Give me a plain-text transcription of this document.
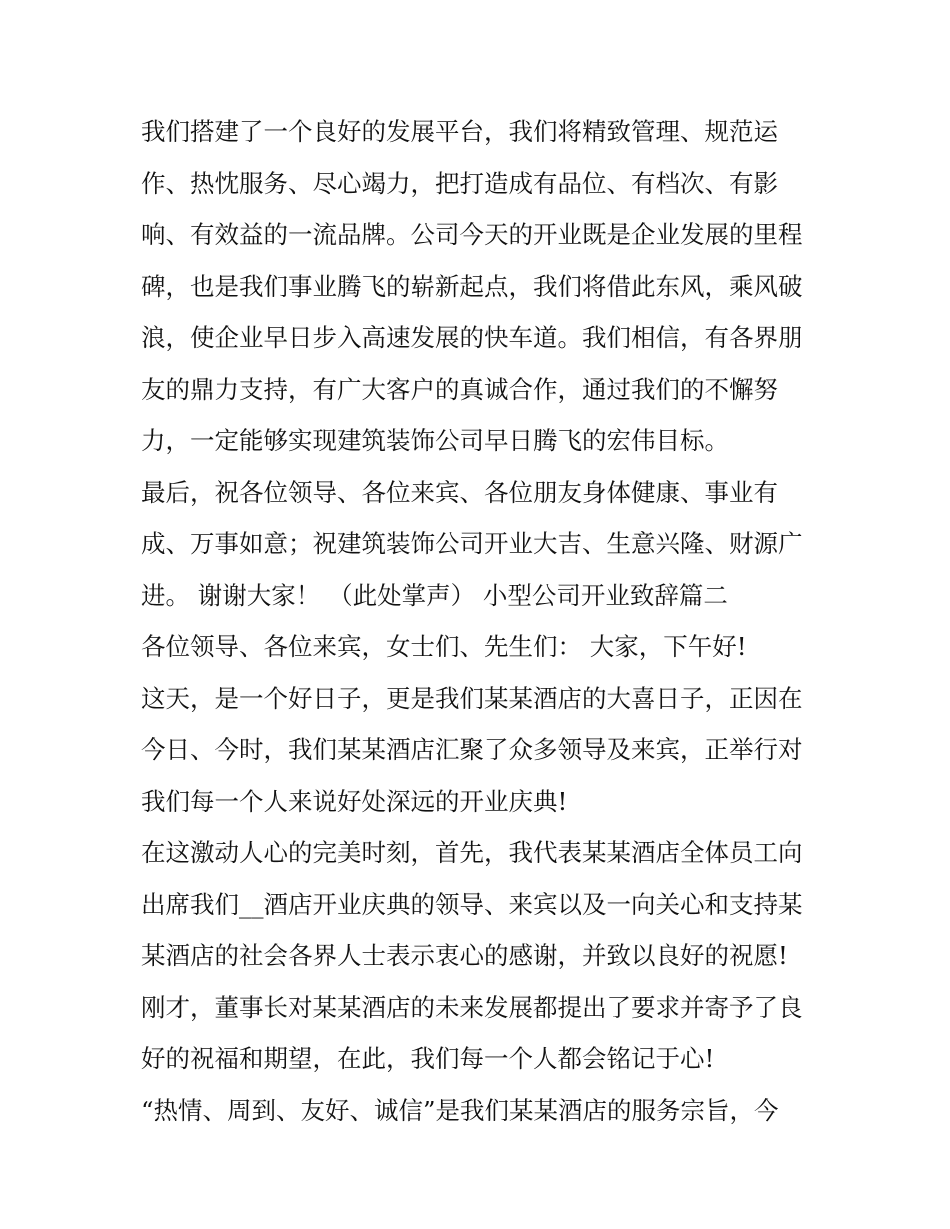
我们搭建了一个良好的发展平台，我们将精致管理、规范运
作、热忱服务、尽心竭力，把打造成有品位、有档次、有影
响、有效益的一流品牌。公司今天的开业既是企业发展的里程
碑，也是我们事业腾飞的崭新起点，我们将借此东风，乘风破
浪，使企业早日步入高速发展的快车道。我们相信，有各界朋
友的鼎力支持，有广大客户的真诚合作，通过我们的不懈努
力，一定能够实现建筑装饰公司早日腾飞的宏伟目标。
最后，祝各位领导、各位来宾、各位朋友身体健康、事业有
成、万事如意；祝建筑装饰公司开业大吉、生意兴隆、财源广
进。 谢谢大家！ （此处掌声） 小型公司开业致辞篇二
各位领导、各位来宾，女士们、先生们： 大家，下午好!
这天，是一个好日子，更是我们某某酒店的大喜日子，正因在
今日、今时，我们某某酒店汇聚了众多领导及来宾，正举行对
我们每一个人来说好处深远的开业庆典!
在这激动人心的完美时刻，首先，我代表某某酒店全体员工向
出席我们__酒店开业庆典的领导、来宾以及一向关心和支持某
某酒店的社会各界人士表示衷心的感谢，并致以良好的祝愿!
刚才，董事长对某某酒店的未来发展都提出了要求并寄予了良
好的祝福和期望，在此，我们每一个人都会铭记于心!
“热情、周到、友好、诚信”是我们某某酒店的服务宗旨，今
